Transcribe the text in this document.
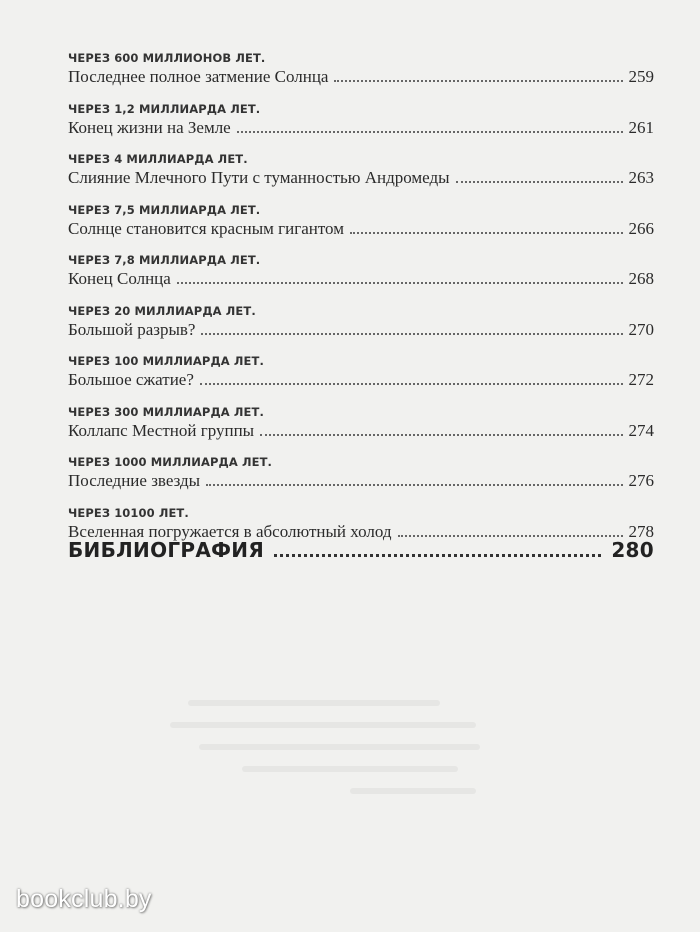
ЧЕРЕЗ 600 МИЛЛИОНОВ ЛЕТ.
Последнее полное затмение Солнца	259
ЧЕРЕЗ 1,2 МИЛЛИАРДА ЛЕТ.
Конец жизни на Земле	261
ЧЕРЕЗ 4 МИЛЛИАРДА ЛЕТ.
Слияние Млечного Пути с туманностью Андромеды	263
ЧЕРЕЗ 7,5 МИЛЛИАРДА ЛЕТ.
Солнце становится красным гигантом	266
ЧЕРЕЗ 7,8 МИЛЛИАРДА ЛЕТ.
Конец Солнца	268
ЧЕРЕЗ 20 МИЛЛИАРДА ЛЕТ.
Большой разрыв?	270
ЧЕРЕЗ 100 МИЛЛИАРДА ЛЕТ.
Большое сжатие?	272
ЧЕРЕЗ 300 МИЛЛИАРДА ЛЕТ.
Коллапс Местной группы	274
ЧЕРЕЗ 1000 МИЛЛИАРДА ЛЕТ.
Последние звезды	276
ЧЕРЕЗ 10100 ЛЕТ.
Вселенная погружается в абсолютный холод	278
БИБЛИОГРАФИЯ	280
bookclub.by
